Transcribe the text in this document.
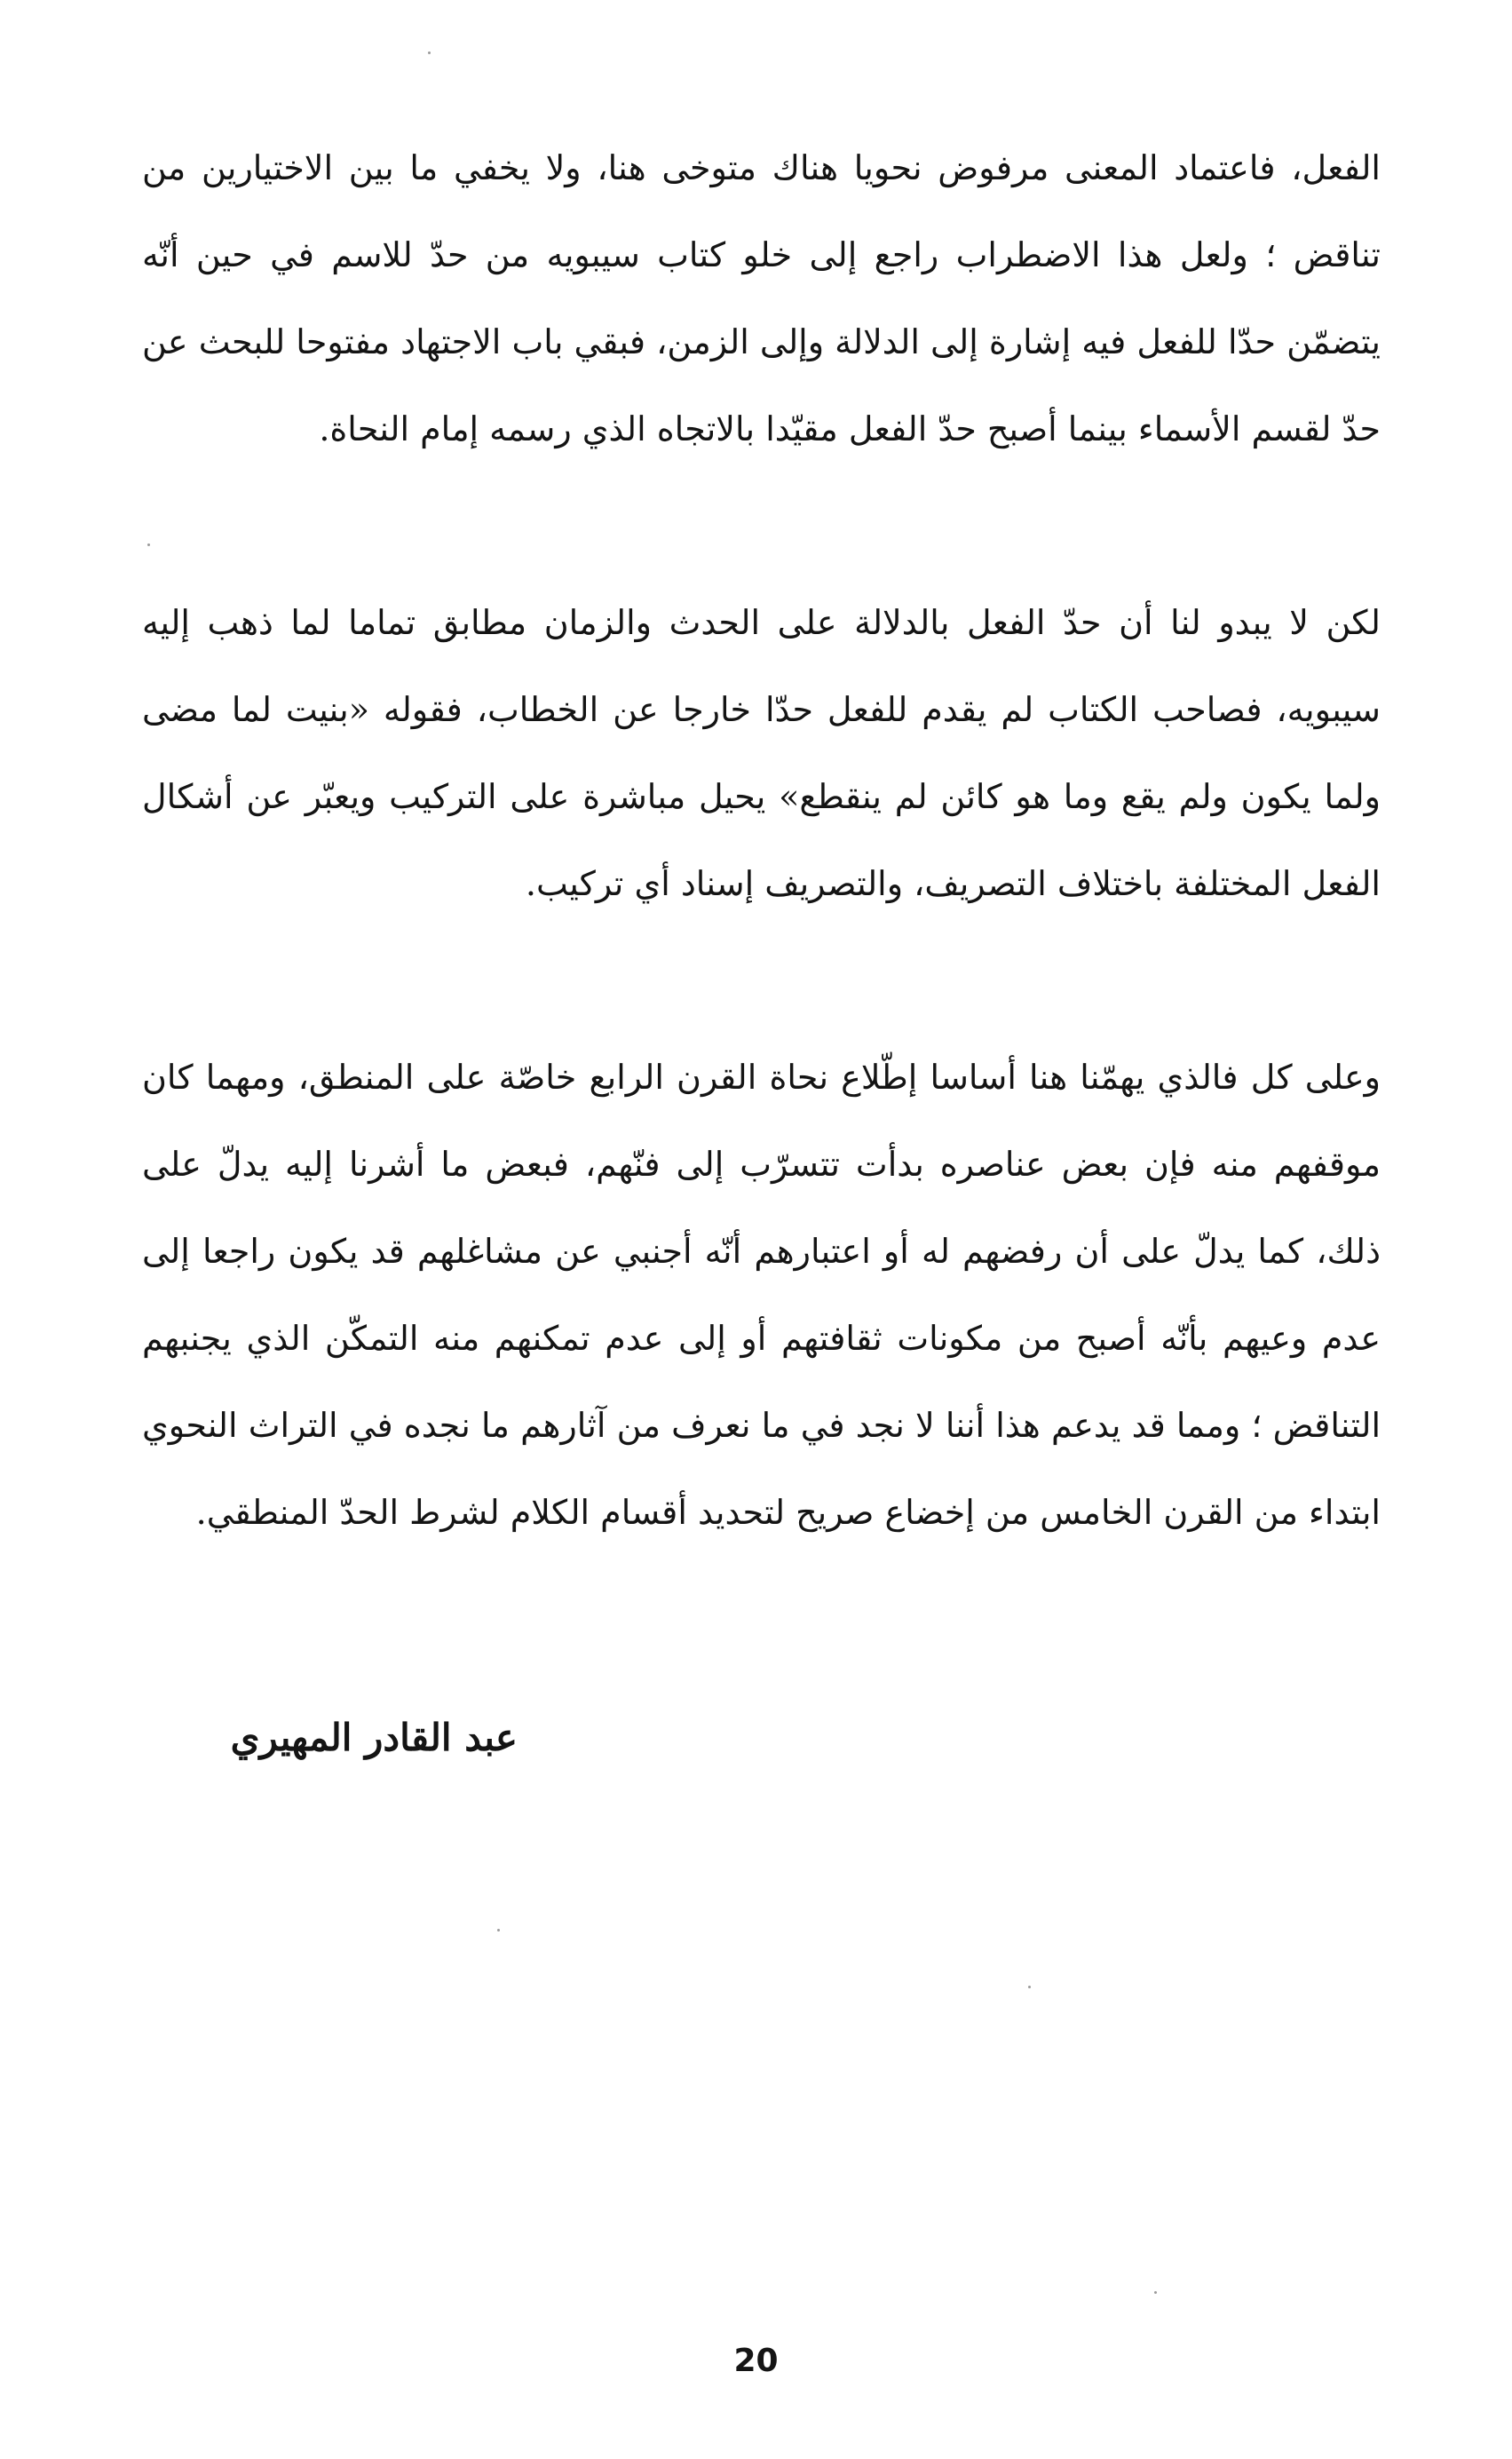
الفعل، فاعتماد المعنى مرفوض نحويا هناك متوخى هنا، ولا يخفي ما بين الاختيارين من تناقض ؛ ولعل هذا الاضطراب راجع إلى خلو كتاب سيبويه من حدّ للاسم في حين أنّه يتضمّن حدّا للفعل فيه إشارة إلى الدلالة وإلى الزمن، فبقي باب الاجتهاد مفتوحا للبحث عن حدّ لقسم الأسماء بينما أصبح حدّ الفعل مقيّدا بالاتجاه الذي رسمه إمام النحاة.

لكن لا يبدو لنا أن حدّ الفعل بالدلالة على الحدث والزمان مطابق تماما لما ذهب إليه سيبويه، فصاحب الكتاب لم يقدم للفعل حدّا خارجا عن الخطاب، فقوله «بنيت لما مضى ولما يكون ولم يقع وما هو كائن لم ينقطع» يحيل مباشرة على التركيب ويعبّر عن أشكال الفعل المختلفة باختلاف التصريف، والتصريف إسناد أي تركيب.

وعلى كل فالذي يهمّنا هنا أساسا إطّلاع نحاة القرن الرابع خاصّة على المنطق، ومهما كان موقفهم منه فإن بعض عناصره بدأت تتسرّب إلى فنّهم، فبعض ما أشرنا إليه يدلّ على ذلك، كما يدلّ على أن رفضهم له أو اعتبارهم أنّه أجنبي عن مشاغلهم قد يكون راجعا إلى عدم وعيهم بأنّه أصبح من مكونات ثقافتهم أو إلى عدم تمكنهم منه التمكّن الذي يجنبهم التناقض ؛ ومما قد يدعم هذا أننا لا نجد في ما نعرف من آثارهم ما نجده في التراث النحوي ابتداء من القرن الخامس من إخضاع صريح لتحديد أقسام الكلام لشرط الحدّ المنطقي.

عبد القادر المهيري
20
